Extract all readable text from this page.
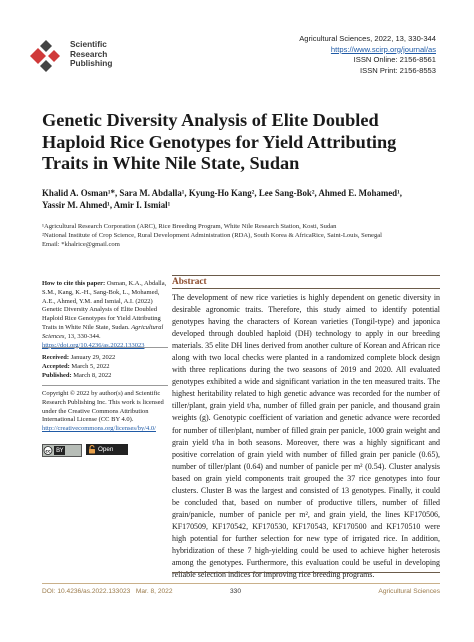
Scientific
Research
Publishing
Agricultural Sciences, 2022, 13, 330-344
https://www.scirp.org/journal/as
ISSN Online: 2156-8561
ISSN Print: 2156-8553
Genetic Diversity Analysis of Elite Doubled Haploid Rice Genotypes for Yield Attributing Traits in White Nile State, Sudan
Khalid A. Osman¹*, Sara M. Abdalla¹, Kyung-Ho Kang², Lee Sang-Bok², Ahmed E. Mohamed¹,
Yassir M. Ahmed¹, Amir I. Ismial¹
¹Agricultural Research Corporation (ARC), Rice Breeding Program, White Nile Research Station, Kosti, Sudan
²National Institute of Crop Science, Rural Development Administration (RDA), South Korea & AfricaRice, Saint-Louis, Senegal
Email: *khalrice@gmail.com
How to cite this paper: Osman, K.A., Abdalla, S.M., Kang, K.-H., Sang-Bok, L., Mohamed, A.E., Ahmed, Y.M. and Ismial, A.I. (2022) Genetic Diversity Analysis of Elite Doubled Haploid Rice Genotypes for Yield Attributing Traits in White Nile State, Sudan. Agricultural Sciences, 13, 330-344. https://doi.org/10.4236/as.2022.133023
Received: January 29, 2022
Accepted: March 5, 2022
Published: March 8, 2022
Copyright © 2022 by author(s) and Scientific Research Publishing Inc. This work is licensed under the Creative Commons Attribution International License (CC BY 4.0).
http://creativecommons.org/licenses/by/4.0/
cc BY	Open Access
Abstract
The development of new rice varieties is highly dependent on genetic diversity in desirable agronomic traits. Therefore, this study aimed to identify potential genotypes having the characters of Korean varieties (Tongil-type) and japonica developed through doubled haploid (DH) technology to apply in our breeding materials. 35 elite DH lines derived from another culture of Korean and African rice along with two local checks were planted in a randomized complete block design with three replications during the two seasons of 2019 and 2020. All evaluated genotypes exhibited a wide and significant variation in the ten measured traits. The highest heritability related to high genetic advance was recorded for the number of tiller/plant, grain yield t/ha, number of filled grain per panicle, and thousand grain weights (g). Genotypic coefficient of variation and genetic advance were recorded for number of tiller/plant, number of filled grain per panicle, 1000 grain weight and grain yield t/ha in both seasons. Moreover, there was a highly significant and positive correlation of grain yield with number of filled grain per panicle (0.65), number of tiller/plant (0.64) and number of panicle per m² (0.54). Cluster analysis based on grain yield components trait grouped the 37 rice genotypes into four clusters. Cluster B was the largest and consisted of 13 genotypes. Finally, it could be concluded that, based on number of productive tillers, number of filled grain/panicle, number of panicle per m², and grain yield, the lines KF170506, KF170509, KF170542, KF170530, KF170543, KF170500 and KF170510 were high potential for further selection for new type of irrigated rice. In addition, hybridization of these 7 high-yielding could be used to achieve higher heterosis among the genotypes. Furthermore, this evaluation could be useful in developing reliable selection indices for improving rice breeding programs.
DOI: 10.4236/as.2022.133023 Mar. 8, 2022	330	Agricultural Sciences
